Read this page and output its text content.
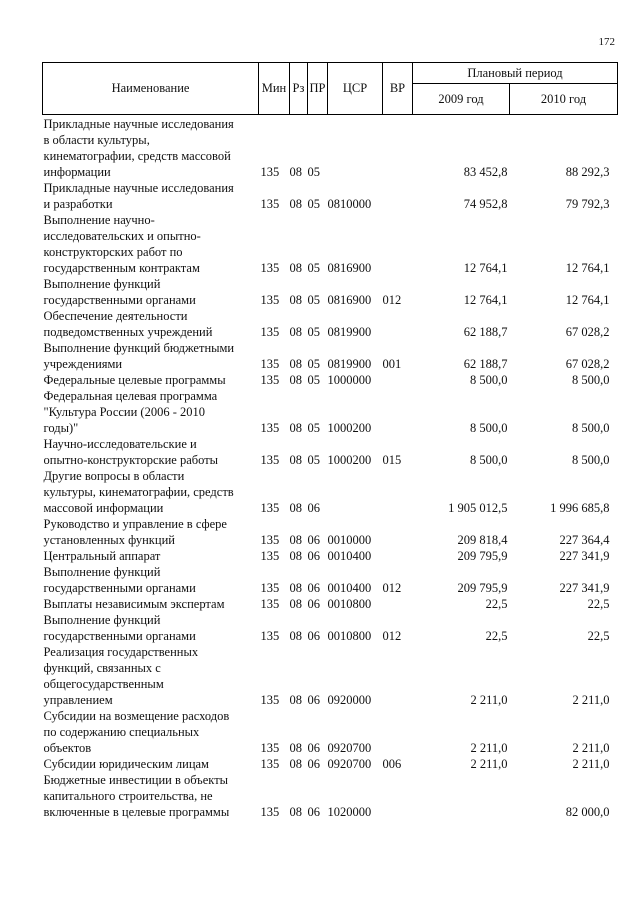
172
Наименование	Мин	Рз	ПР	ЦСР	ВР	Плановый период	
						2009 год	2010 год
Прикладные научные исследования
в области культуры,
кинематографии, средств массовой
информации	135	08	05			83 452,8	88 292,3
Прикладные научные исследования
и разработки	135	08	05	0810000		74 952,8	79 792,3
Выполнение научно-
исследовательских и опытно-
конструкторских работ по
государственным контрактам	135	08	05	0816900		12 764,1	12 764,1
Выполнение функций
государственными органами	135	08	05	0816900	012	12 764,1	12 764,1
Обеспечение деятельности
подведомственных учреждений	135	08	05	0819900		62 188,7	67 028,2
Выполнение функций бюджетными
учреждениями	135	08	05	0819900	001	62 188,7	67 028,2
Федеральные целевые программы	135	08	05	1000000		8 500,0	8 500,0
Федеральная целевая программа
"Культура России (2006 - 2010
годы)"	135	08	05	1000200		8 500,0	8 500,0
Научно-исследовательские и
опытно-конструкторские работы	135	08	05	1000200	015	8 500,0	8 500,0
Другие вопросы в области
культуры, кинематографии, средств
массовой информации	135	08	06			1 905 012,5	1 996 685,8
Руководство и управление в сфере
установленных функций	135	08	06	0010000		209 818,4	227 364,4
Центральный аппарат	135	08	06	0010400		209 795,9	227 341,9
Выполнение функций
государственными органами	135	08	06	0010400	012	209 795,9	227 341,9
Выплаты независимым экспертам	135	08	06	0010800		22,5	22,5
Выполнение функций
государственными органами	135	08	06	0010800	012	22,5	22,5
Реализация государственных
функций, связанных с
общегосударственным
управлением	135	08	06	0920000		2 211,0	2 211,0
Субсидии на возмещение расходов
по содержанию специальных
объектов	135	08	06	0920700		2 211,0	2 211,0
Субсидии юридическим лицам	135	08	06	0920700	006	2 211,0	2 211,0
Бюджетные инвестиции в объекты
капитального строительства, не
включенные в целевые программы	135	08	06	1020000			82 000,0
